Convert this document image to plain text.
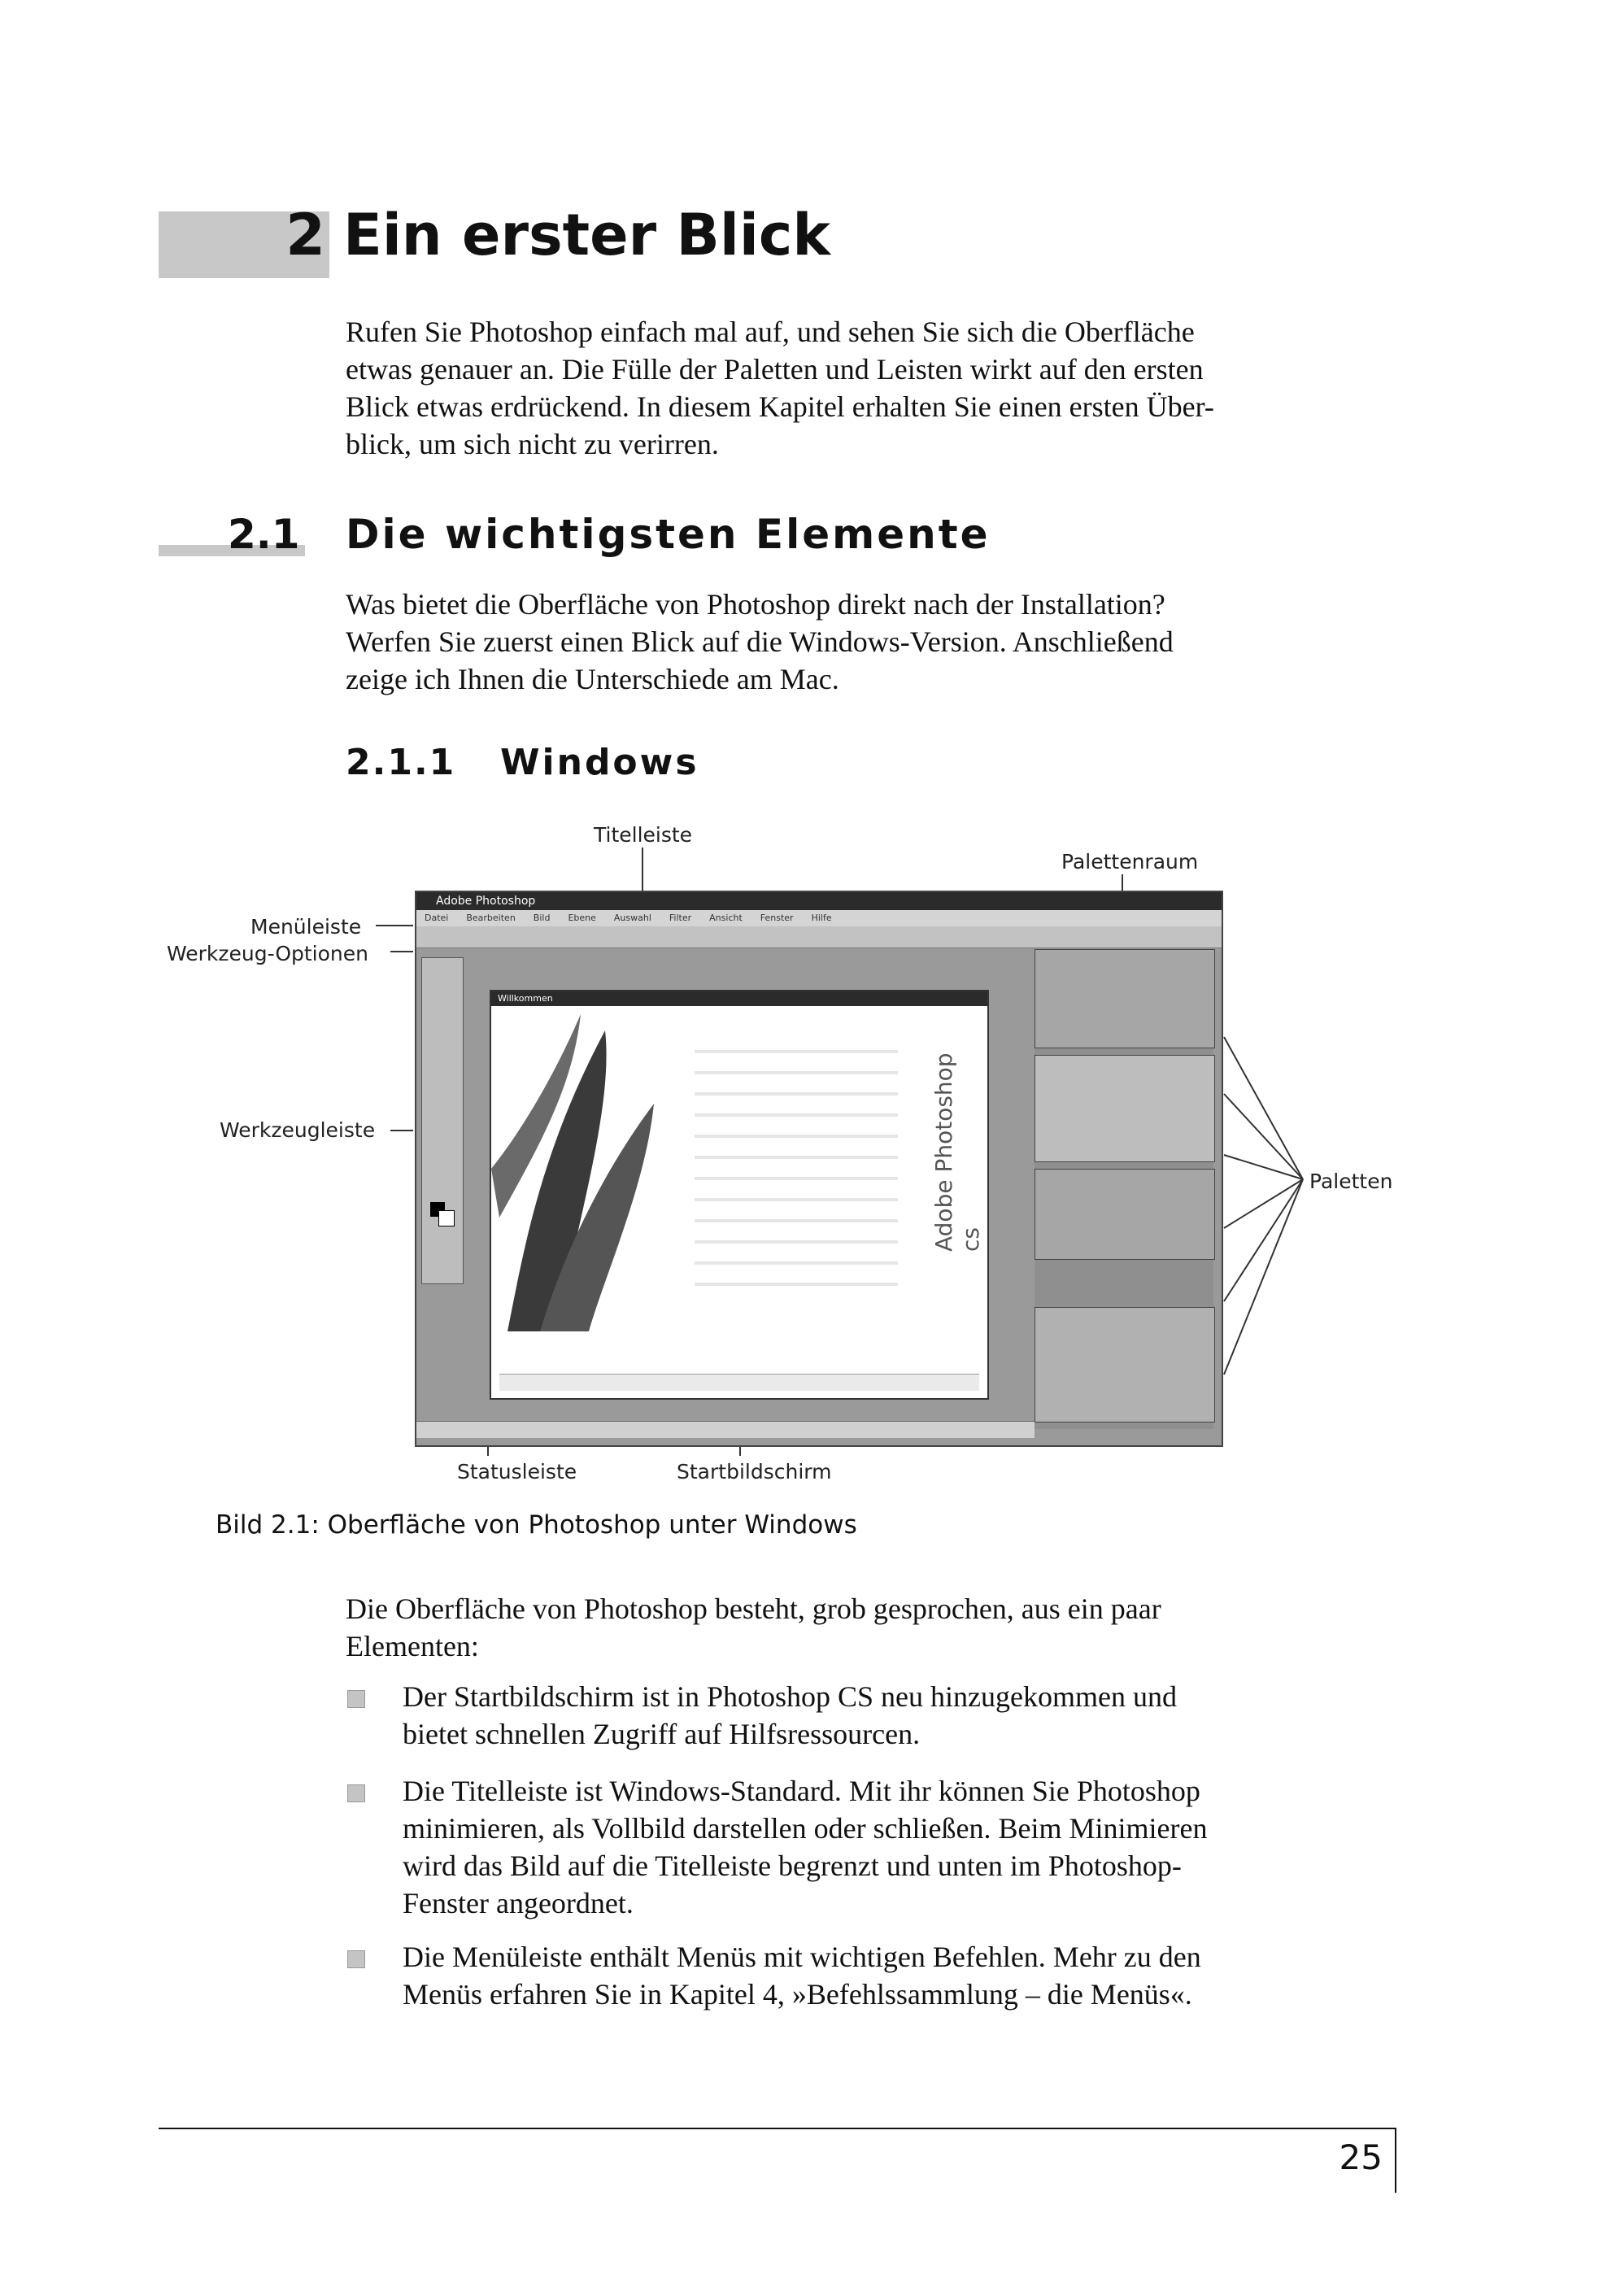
2 Ein erster Blick
Rufen Sie Photoshop einfach mal auf, und sehen Sie sich die Oberfläche
etwas genauer an. Die Fülle der Paletten und Leisten wirkt auf den ersten
Blick etwas erdrückend. In diesem Kapitel erhalten Sie einen ersten Über-
blick, um sich nicht zu verirren.
2.1 Die wichtigsten Elemente
Was bietet die Oberfläche von Photoshop direkt nach der Installation?
Werfen Sie zuerst einen Blick auf die Windows-Version. Anschließend
zeige ich Ihnen die Unterschiede am Mac.
2.1.1 Windows
Titelleiste
Palettenraum
Menüleiste
Werkzeug-Optionen
Werkzeugleiste
Paletten
Statusleiste	Startbildschirm
Adobe Photoshop
Datei Bearbeiten Bild Ebene Auswahl Filter Ansicht Fenster Hilfe
Willkommen
Adobe Photoshop cs
Bild 2.1: Oberfläche von Photoshop unter Windows
Die Oberfläche von Photoshop besteht, grob gesprochen, aus ein paar
Elementen:
Der Startbildschirm ist in Photoshop CS neu hinzugekommen und
bietet schnellen Zugriff auf Hilfsressourcen.
Die Titelleiste ist Windows-Standard. Mit ihr können Sie Photoshop
minimieren, als Vollbild darstellen oder schließen. Beim Minimieren
wird das Bild auf die Titelleiste begrenzt und unten im Photoshop-
Fenster angeordnet.
Die Menüleiste enthält Menüs mit wichtigen Befehlen. Mehr zu den
Menüs erfahren Sie in Kapitel 4, »Befehlssammlung – die Menüs«.
25
